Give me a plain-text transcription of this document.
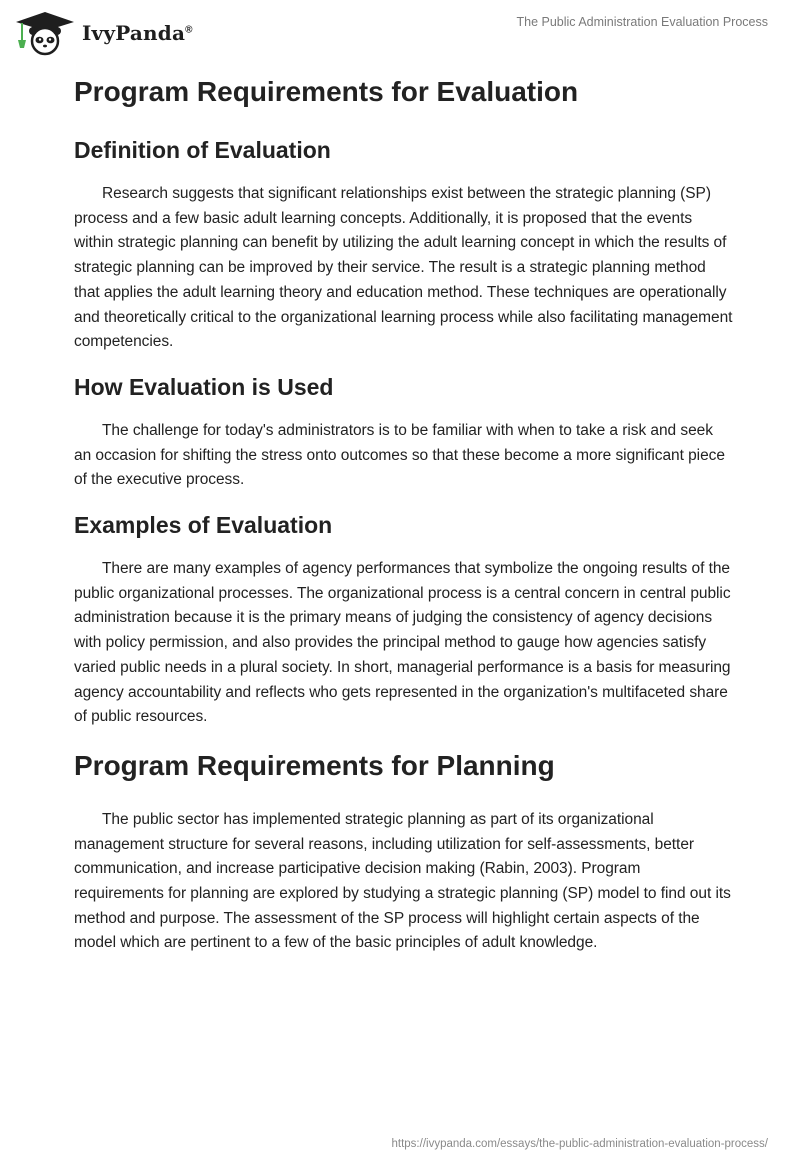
IvyPanda®
The Public Administration Evaluation Process
Program Requirements for Evaluation
Definition of Evaluation

Research suggests that significant relationships exist between the strategic planning (SP) process and a few basic adult learning concepts. Additionally, it is proposed that the events within strategic planning can benefit by utilizing the adult learning concept in which the results of strategic planning can be improved by their service. The result is a strategic planning method that applies the adult learning theory and education method. These techniques are operationally and theoretically critical to the organizational learning process while also facilitating management competencies.

How Evaluation is Used

The challenge for today's administrators is to be familiar with when to take a risk and seek an occasion for shifting the stress onto outcomes so that these become a more significant piece of the executive process.

Examples of Evaluation

There are many examples of agency performances that symbolize the ongoing results of the public organizational processes. The organizational process is a central concern in central public administration because it is the primary means of judging the consistency of agency decisions with policy permission, and also provides the principal method to gauge how agencies satisfy varied public needs in a plural society. In short, managerial performance is a basis for measuring agency accountability and reflects who gets represented in the organization's multifaceted share of public resources.

Program Requirements for Planning

The public sector has implemented strategic planning as part of its organizational management structure for several reasons, including utilization for self-assessments, better communication, and increase participative decision making (Rabin, 2003). Program requirements for planning are explored by studying a strategic planning (SP) model to find out its method and purpose. The assessment of the SP process will highlight certain aspects of the model which are pertinent to a few of the basic principles of adult knowledge.

https://ivypanda.com/essays/the-public-administration-evaluation-process/
